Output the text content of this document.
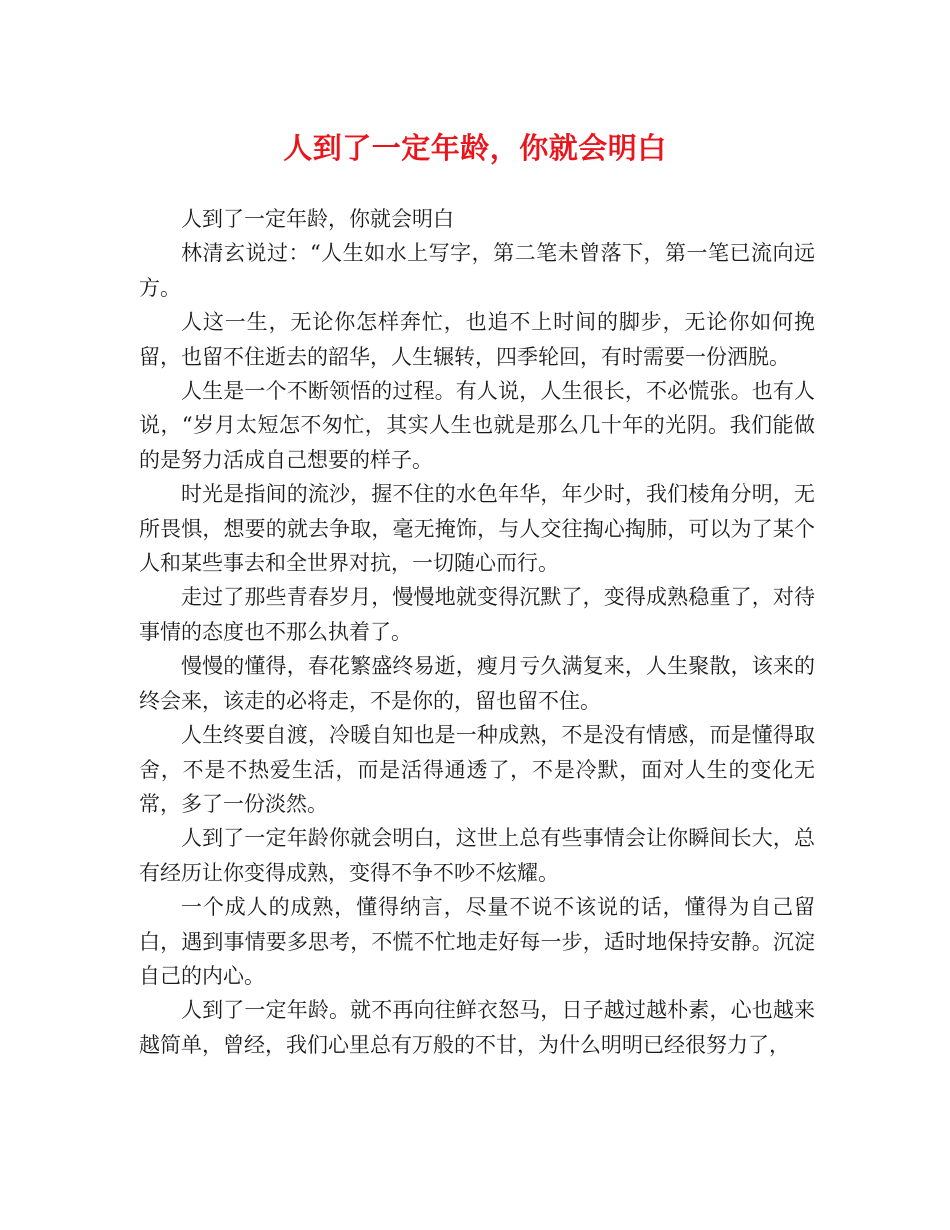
人到了一定年龄，你就会明白

人到了一定年龄，你就会明白

林清玄说过：“人生如水上写字，第二笔未曾落下，第一笔已流向远方。

人这一生，无论你怎样奔忙，也追不上时间的脚步，无论你如何挽留，也留不住逝去的韶华，人生辗转，四季轮回，有时需要一份洒脱。

人生是一个不断领悟的过程。有人说，人生很长，不必慌张。也有人说，“岁月太短怎不匆忙，其实人生也就是那么几十年的光阴。我们能做的是努力活成自己想要的样子。

时光是指间的流沙，握不住的水色年华，年少时，我们棱角分明，无所畏惧，想要的就去争取，毫无掩饰，与人交往掏心掏肺，可以为了某个人和某些事去和全世界对抗，一切随心而行。

走过了那些青春岁月，慢慢地就变得沉默了，变得成熟稳重了，对待事情的态度也不那么执着了。

慢慢的懂得，春花繁盛终易逝，瘦月亏久满复来，人生聚散，该来的终会来，该走的必将走，不是你的，留也留不住。

人生终要自渡，冷暖自知也是一种成熟，不是没有情感，而是懂得取舍，不是不热爱生活，而是活得通透了，不是冷默，面对人生的变化无常，多了一份淡然。

人到了一定年龄你就会明白，这世上总有些事情会让你瞬间长大，总有经历让你变得成熟，变得不争不吵不炫耀。

一个成人的成熟，懂得纳言，尽量不说不该说的话，懂得为自己留白，遇到事情要多思考，不慌不忙地走好每一步，适时地保持安静。沉淀自己的内心。

人到了一定年龄。就不再向往鲜衣怒马，日子越过越朴素，心也越来越简单，曾经，我们心里总有万般的不甘，为什么明明已经很努力了，
